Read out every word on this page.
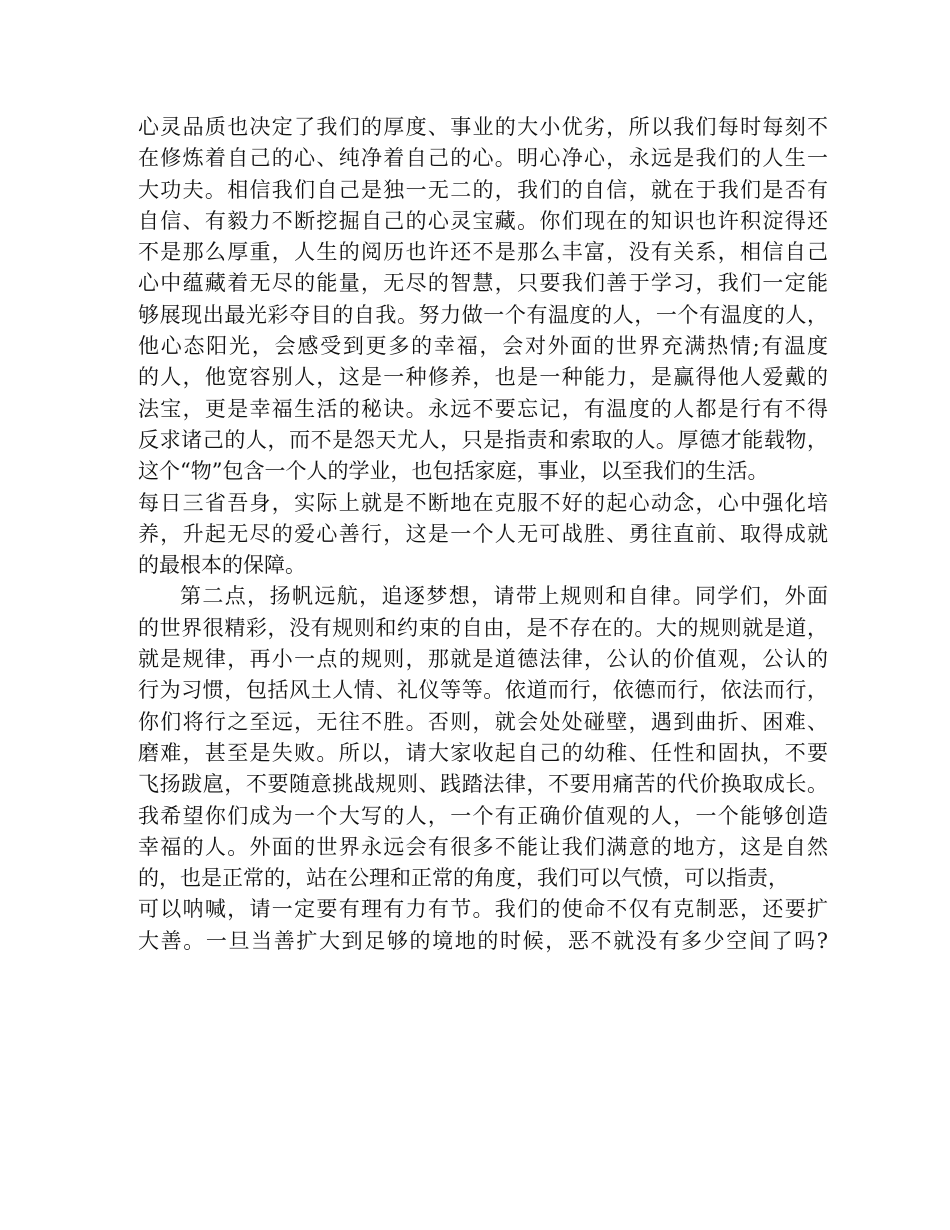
心灵品质也决定了我们的厚度、事业的大小优劣，所以我们每时每刻不
在修炼着自己的心、纯净着自己的心。明心净心，永远是我们的人生一
大功夫。相信我们自己是独一无二的，我们的自信，就在于我们是否有
自信、有毅力不断挖掘自己的心灵宝藏。你们现在的知识也许积淀得还
不是那么厚重，人生的阅历也许还不是那么丰富，没有关系，相信自己
心中蕴藏着无尽的能量，无尽的智慧，只要我们善于学习，我们一定能
够展现出最光彩夺目的自我。努力做一个有温度的人，一个有温度的人，
他心态阳光，会感受到更多的幸福，会对外面的世界充满热情;有温度
的人，他宽容别人，这是一种修养，也是一种能力，是赢得他人爱戴的
法宝，更是幸福生活的秘诀。永远不要忘记，有温度的人都是行有不得
反求诸己的人，而不是怨天尤人，只是指责和索取的人。厚德才能载物，
这个“物”包含一个人的学业，也包括家庭，事业，以至我们的生活。
每日三省吾身，实际上就是不断地在克服不好的起心动念，心中强化培
养，升起无尽的爱心善行，这是一个人无可战胜、勇往直前、取得成就
的最根本的保障。
第二点，扬帆远航，追逐梦想，请带上规则和自律。同学们，外面
的世界很精彩，没有规则和约束的自由，是不存在的。大的规则就是道，
就是规律，再小一点的规则，那就是道德法律，公认的价值观，公认的
行为习惯，包括风土人情、礼仪等等。依道而行，依德而行，依法而行，
你们将行之至远，无往不胜。否则，就会处处碰壁，遇到曲折、困难、
磨难，甚至是失败。所以，请大家收起自己的幼稚、任性和固执，不要
飞扬跋扈，不要随意挑战规则、践踏法律，不要用痛苦的代价换取成长。
我希望你们成为一个大写的人，一个有正确价值观的人，一个能够创造
幸福的人。外面的世界永远会有很多不能让我们满意的地方，这是自然
的，也是正常的，站在公理和正常的角度，我们可以气愤，可以指责，
可以呐喊，请一定要有理有力有节。我们的使命不仅有克制恶，还要扩
大善。一旦当善扩大到足够的境地的时候，恶不就没有多少空间了吗?
